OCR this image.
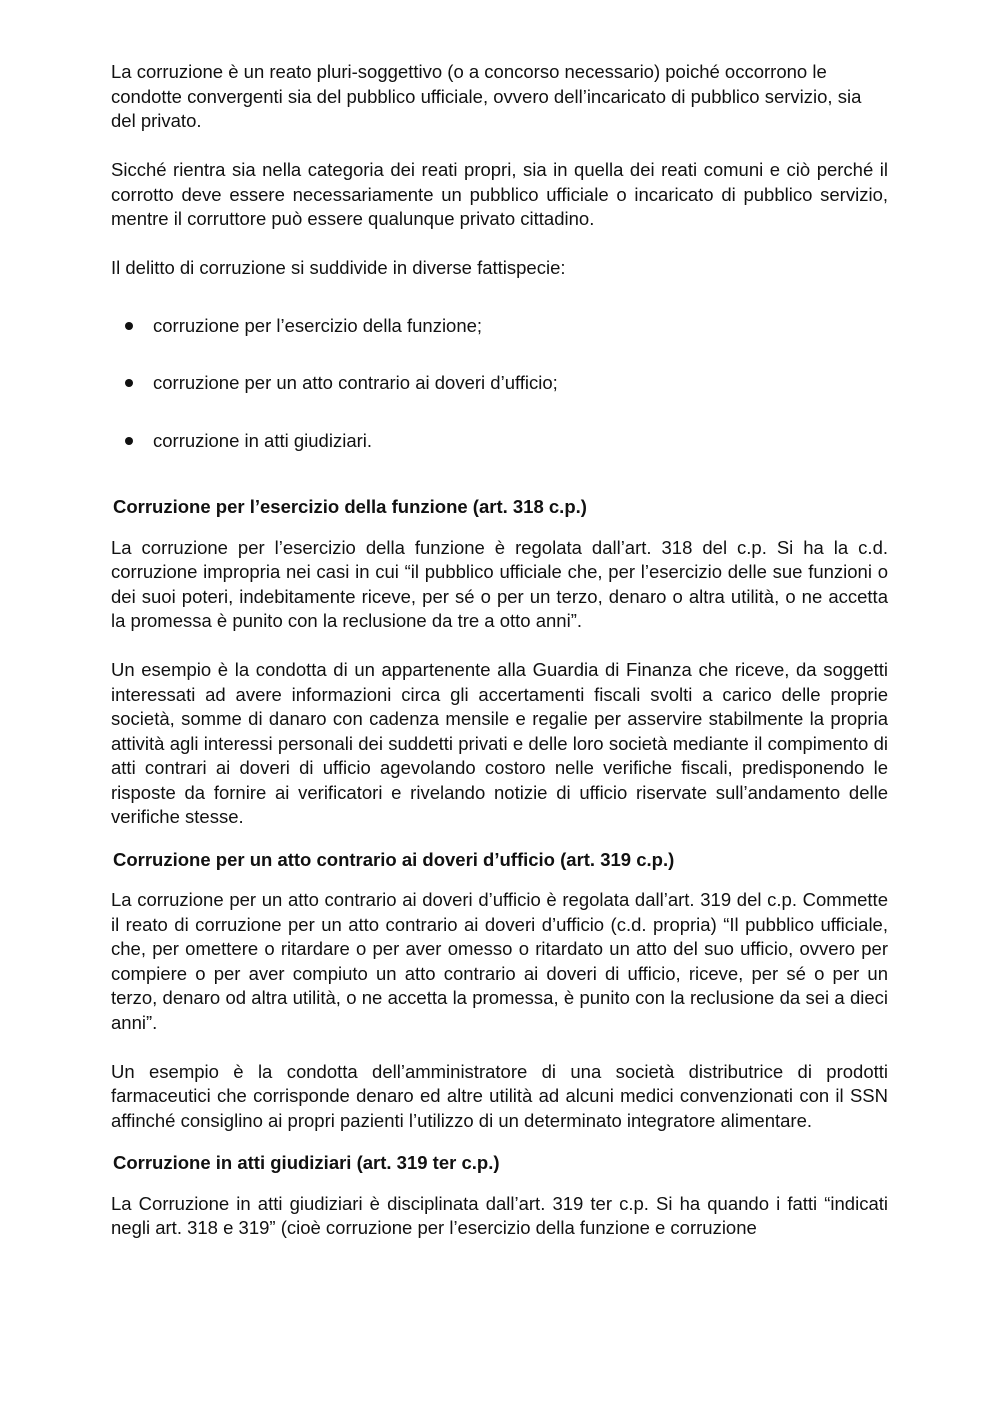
La corruzione è un reato pluri-soggettivo (o a concorso necessario) poiché occorrono le condotte convergenti sia del pubblico ufficiale, ovvero dell’incaricato di pubblico servizio, sia del privato.

Sicché rientra sia nella categoria dei reati propri, sia in quella dei reati comuni e ciò perché il corrotto deve essere necessariamente un pubblico ufficiale o incaricato di pubblico servizio, mentre il corruttore può essere qualunque privato cittadino.

Il delitto di corruzione si suddivide in diverse fattispecie:

corruzione per l’esercizio della funzione;
corruzione per un atto contrario ai doveri d’ufficio;
corruzione in atti giudiziari.
Corruzione per l’esercizio della funzione (art. 318 c.p.)

La corruzione per l’esercizio della funzione è regolata dall’art. 318 del c.p. Si ha la c.d. corruzione impropria nei casi in cui “il pubblico ufficiale che, per l’esercizio delle sue funzioni o dei suoi poteri, indebitamente riceve, per sé o per un terzo, denaro o altra utilità, o ne accetta la promessa è punito con la reclusione da tre a otto anni”.

Un esempio è la condotta di un appartenente alla Guardia di Finanza che riceve, da soggetti interessati ad avere informazioni circa gli accertamenti fiscali svolti a carico delle proprie società, somme di danaro con cadenza mensile e regalie per asservire stabilmente la propria attività agli interessi personali dei suddetti privati e delle loro società mediante il compimento di atti contrari ai doveri di ufficio agevolando costoro nelle verifiche fiscali, predisponendo le risposte da fornire ai verificatori e rivelando notizie di ufficio riservate sull’andamento delle verifiche stesse.

Corruzione per un atto contrario ai doveri d’ufficio (art. 319 c.p.)

La corruzione per un atto contrario ai doveri d’ufficio è regolata dall’art. 319 del c.p. Commette il reato di corruzione per un atto contrario ai doveri d’ufficio (c.d. propria) “Il pubblico ufficiale, che, per omettere o ritardare o per aver omesso o ritardato un atto del suo ufficio, ovvero per compiere o per aver compiuto un atto contrario ai doveri di ufficio, riceve, per sé o per un terzo, denaro od altra utilità, o ne accetta la promessa, è punito con la reclusione da sei a dieci anni”.

Un esempio è la condotta dell’amministratore di una società distributrice di prodotti farmaceutici che corrisponde denaro ed altre utilità ad alcuni medici convenzionati con il SSN affinché consiglino ai propri pazienti l’utilizzo di un determinato integratore alimentare.

Corruzione in atti giudiziari (art. 319 ter c.p.)

La Corruzione in atti giudiziari è disciplinata dall’art. 319 ter c.p. Si ha quando i fatti “indicati negli art. 318 e 319” (cioè corruzione per l’esercizio della funzione e corruzione
